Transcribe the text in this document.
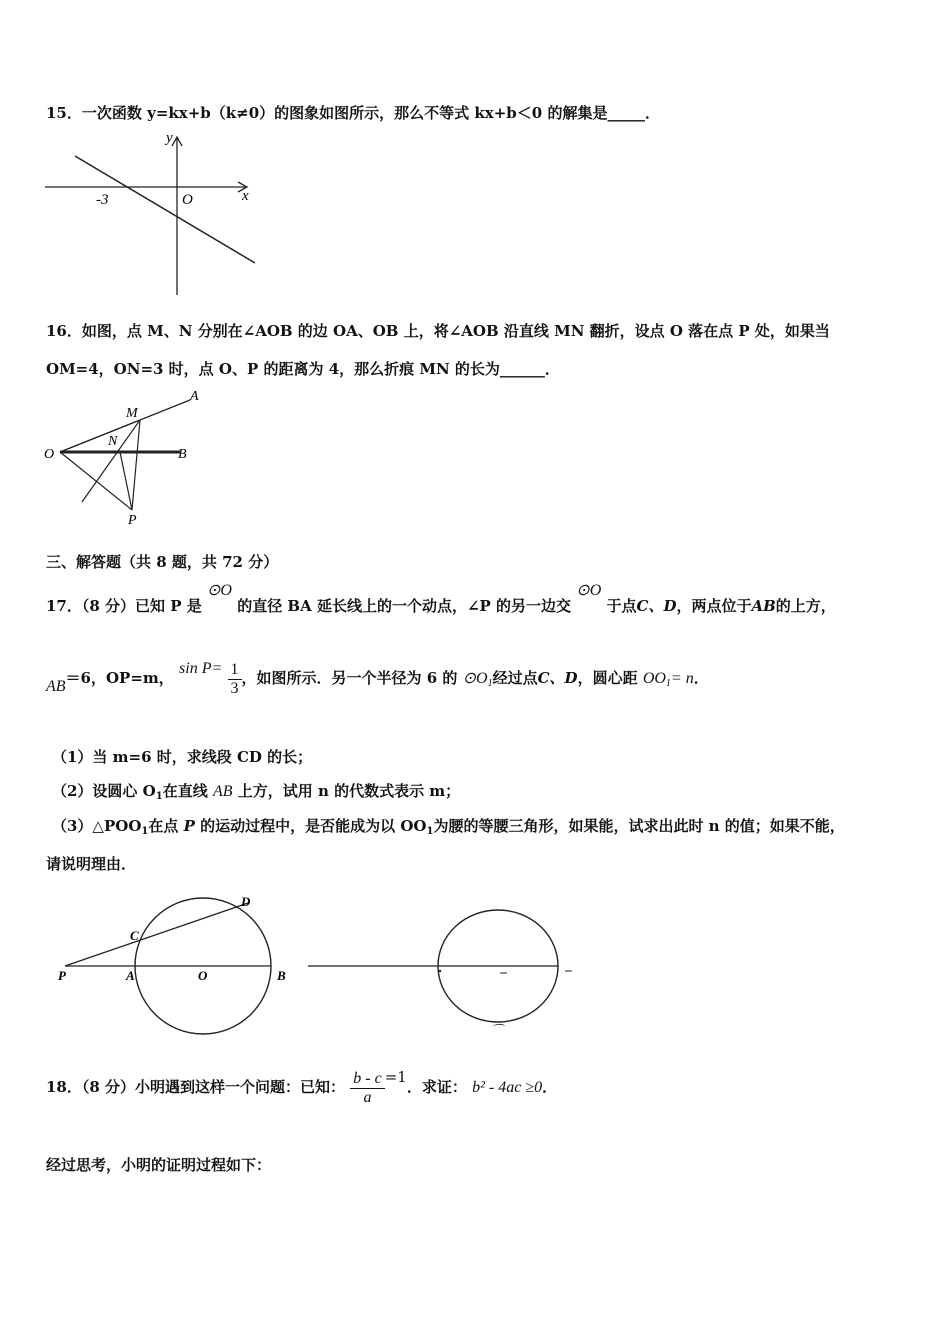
15．一次函数 y=kx+b（k≠0）的图象如图所示，那么不等式 kx+b＜0 的解集是_____．
y
x
O
-3
16．如图，点 M、N 分别在∠AOB 的边 OA、OB 上，将∠AOB 沿直线 MN 翻折，设点 O 落在点 P 处，如果当
OM=4，ON=3 时，点 O、P 的距离为 4，那么折痕 MN 的长为______．
O
A
B
M
N
P
三、解答题（共 8 题，共 72 分）
17．（8 分）已知 P 是 ⊙O 的直径 BA 延长线上的一个动点，∠P 的另一边交 ⊙O 于点C、D，两点位于AB的上方，
AB＝6，OP=m， $\sin P= \frac{1}{3}$ ，如图所示．另一个半径为 6 的 $⊙O_1$经过点C、D，圆心距 $OO_1= n$．
（1）当 m=6 时，求线段 CD 的长；
（2）设圆心 $O_1$在直线 AB 上方，试用 n 的代数式表示 m；
$(3)\triangle POO_1$在点 P 的运动过程中，是否能成为以 $OO_1$为腰的等腰三角形，如果能，试求出此时 n 的值；如果不能，
请说明理由．
P	A	O	B
C
D
⌒
18．（8 分）小明遇到这样一个问题：已知： $\frac{b - c}{a} =1$．求证： b² - 4ac ≥0．
经过思考，小明的证明过程如下：
